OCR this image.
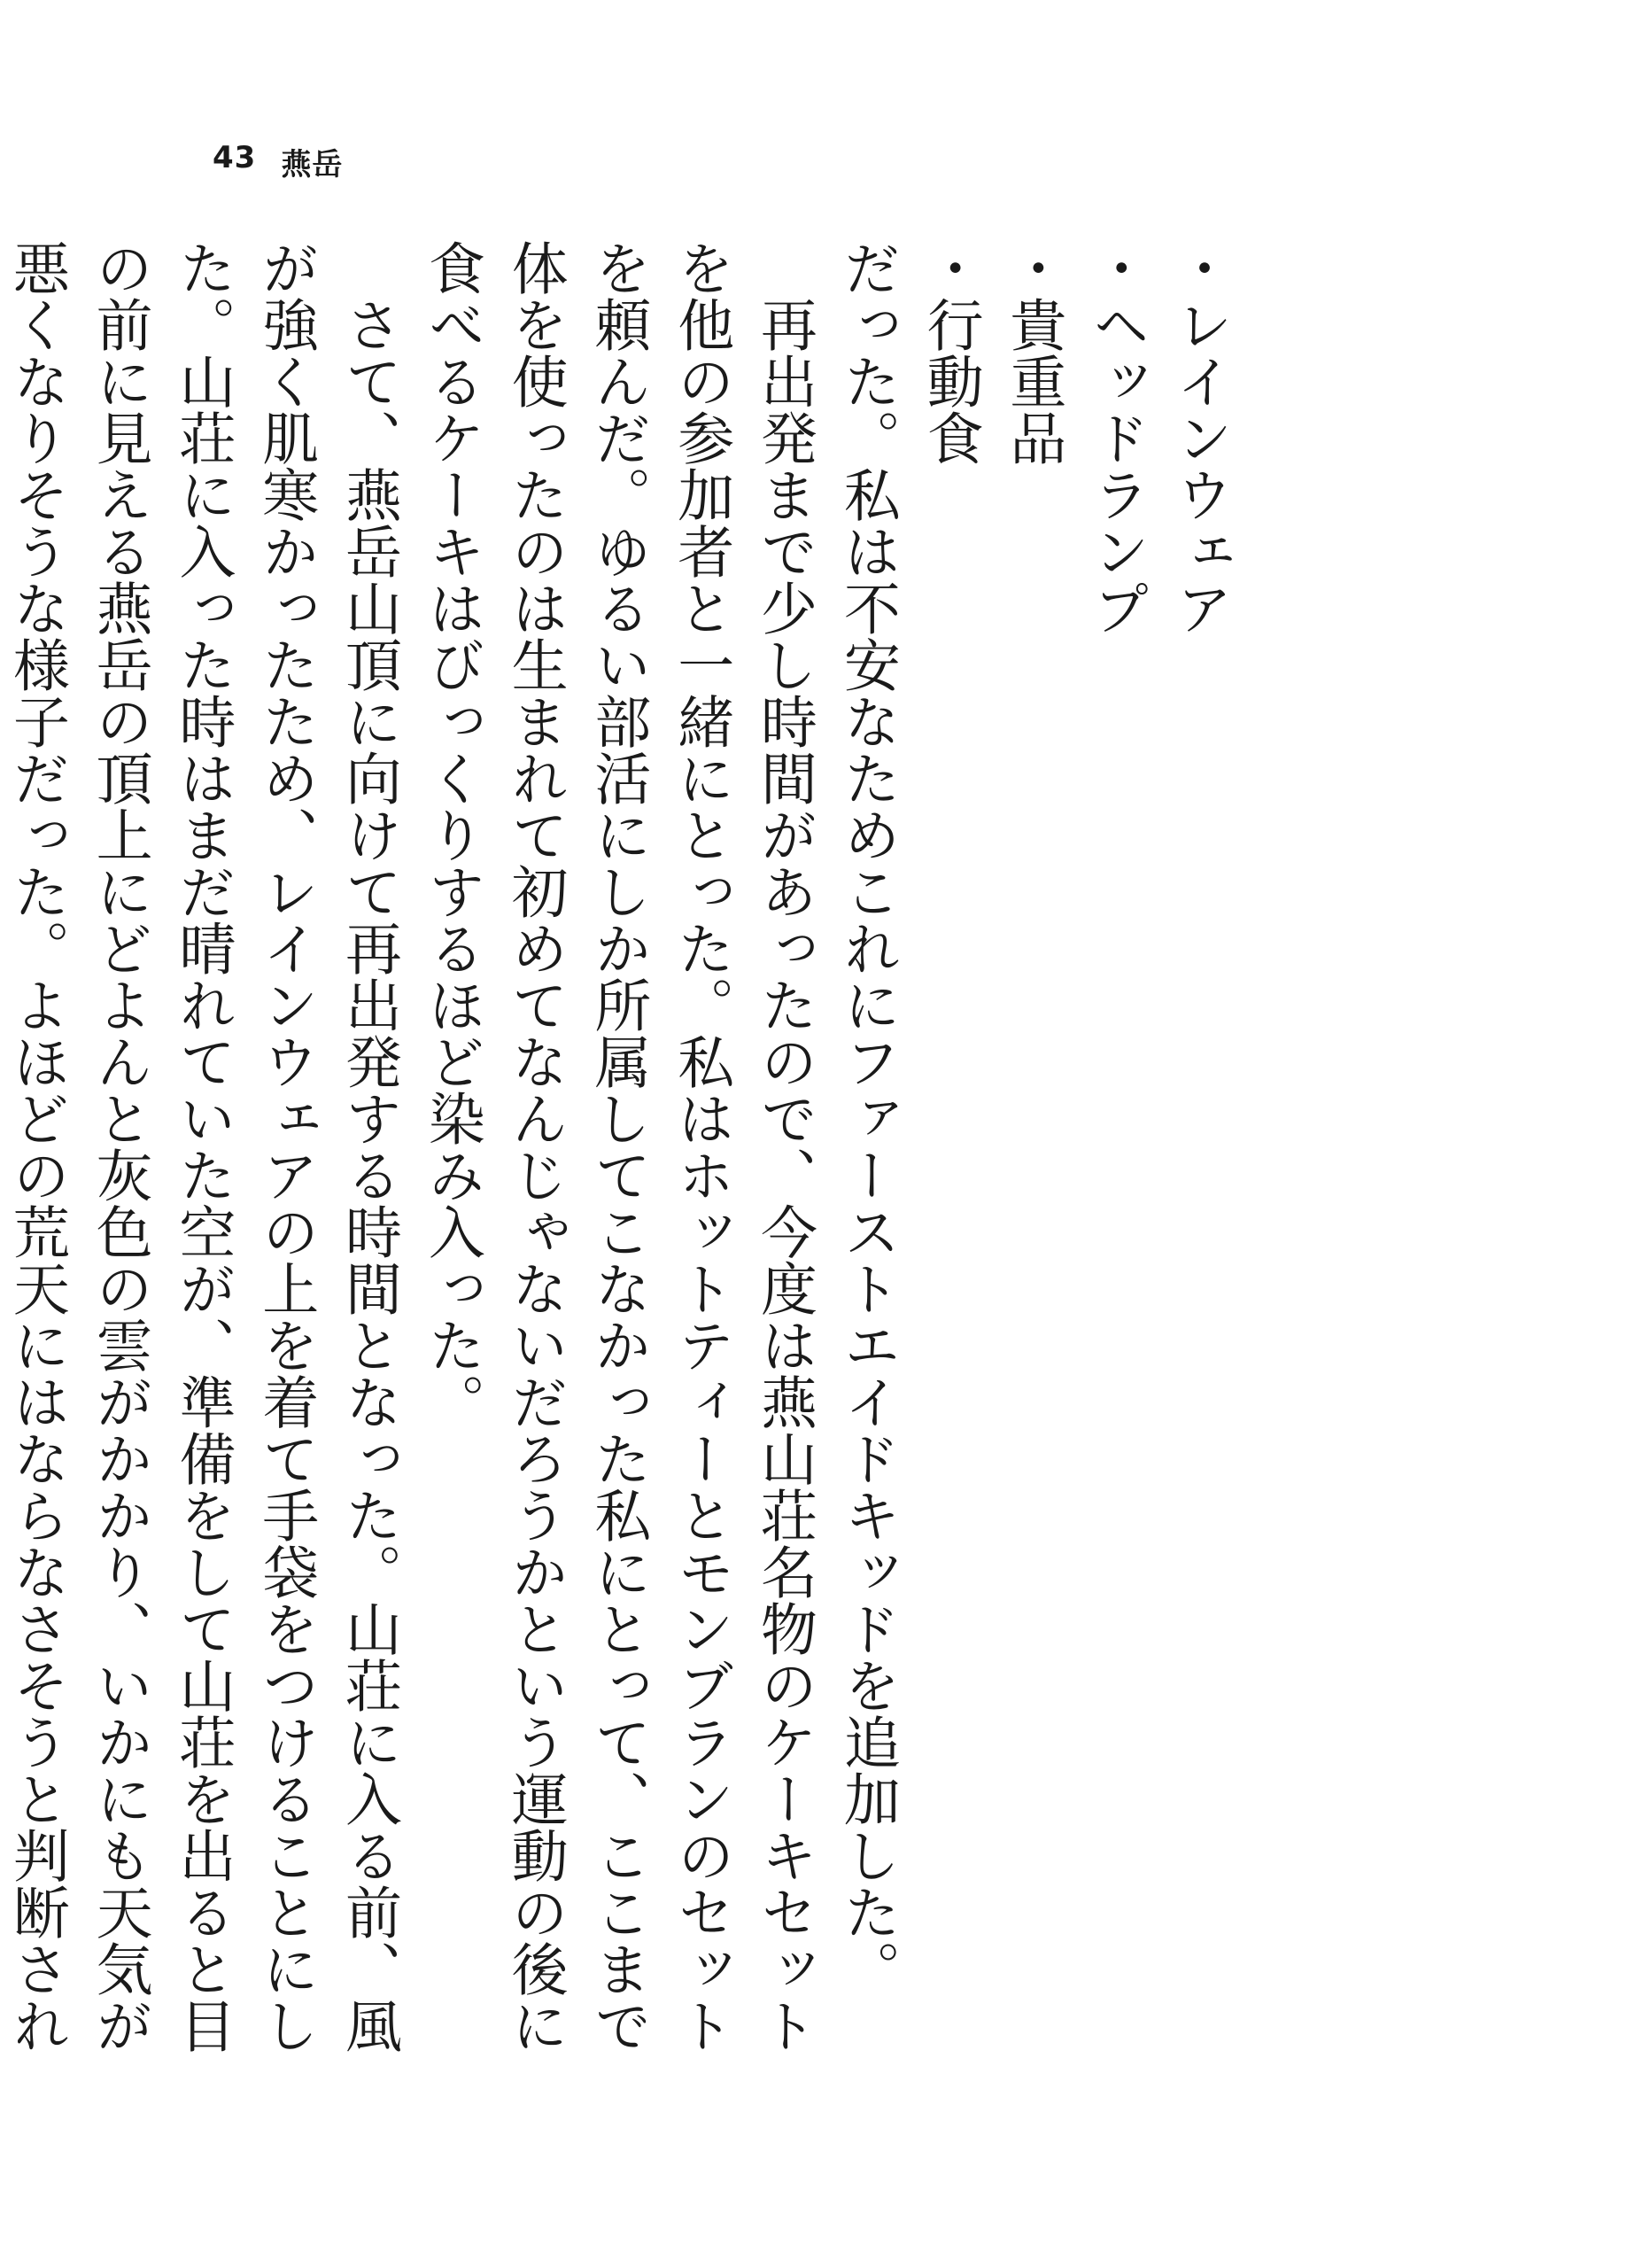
43 燕岳

・レインウェア

・ヘッドランプ

・貴重品

・行動食

だった。私は不安なためこれにファーストエイドキッドを追加した。

再出発まで少し時間があったので、今度は燕山荘名物のケーキセットを他の参加者と一緒にとった。私はホットティーとモンブランのセットを頼んだ。ゆるい部活にしか所属してこなかった私にとって、ここまで体を使ったのは生まれて初めてなんじゃないだろうかという運動の後に食べるケーキはびっくりするほど染み入った。

さて、燕岳山頂に向けて再出発する時間となった。山荘に入る前、風が強く肌寒かったため、レインウェアの上を着て手袋をつけることにした。山荘に入った時はまだ晴れていた空が、準備をして山荘を出ると目の前に見える燕岳の頂上にどよんと灰色の雲がかかり、いかにも天気が悪くなりそうな様子だった。よほどの荒天にはならなさそうと判断され
